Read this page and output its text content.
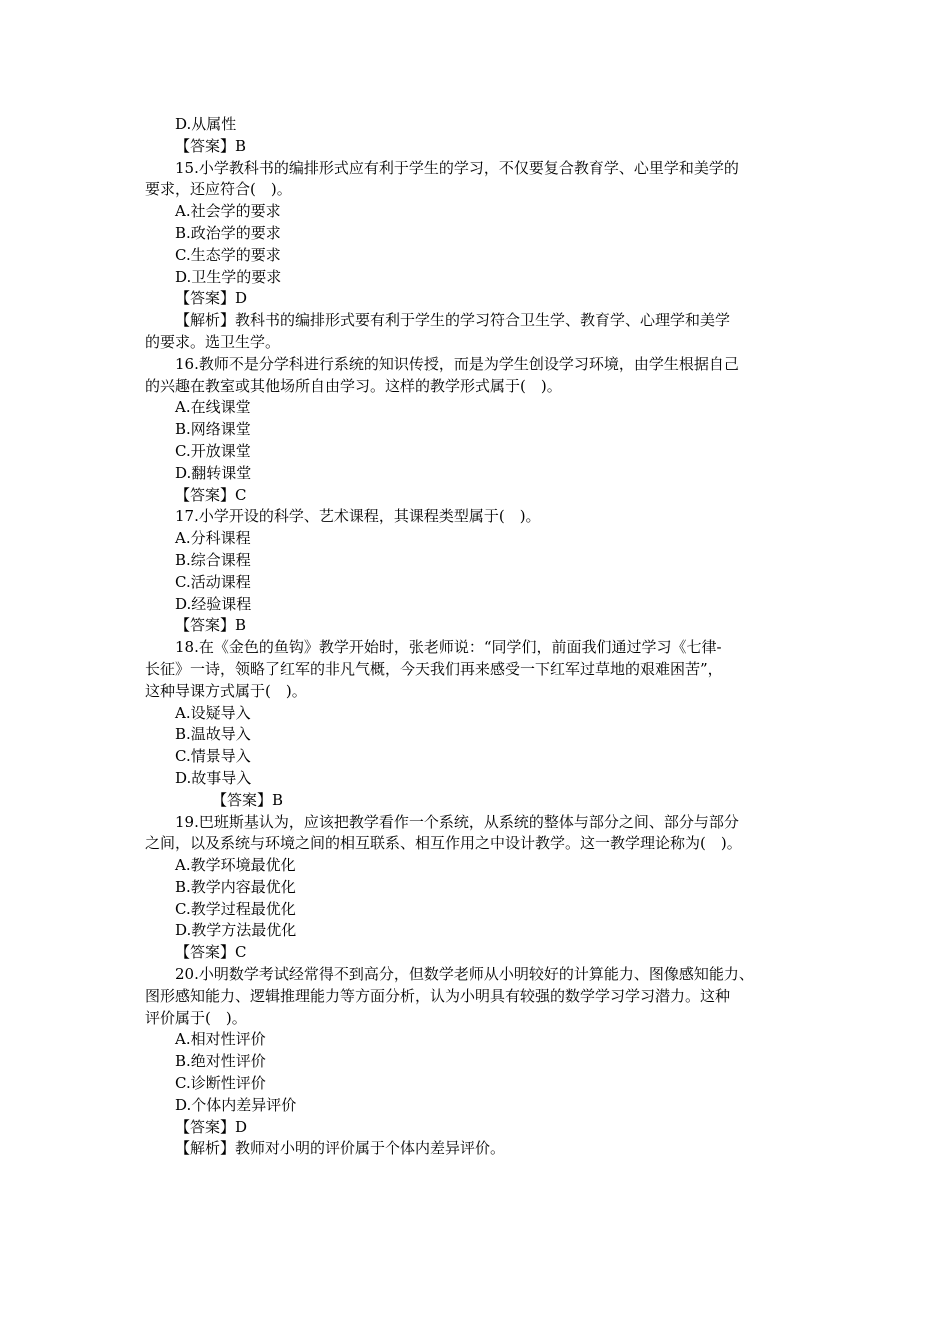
D.从属性
【答案】B
15.小学教科书的编排形式应有利于学生的学习，不仅要复合教育学、心里学和美学的
要求，还应符合(　)。
A.社会学的要求
B.政治学的要求
C.生态学的要求
D.卫生学的要求
【答案】D
【解析】教科书的编排形式要有利于学生的学习符合卫生学、教育学、心理学和美学
的要求。选卫生学。
16.教师不是分学科进行系统的知识传授，而是为学生创设学习环境，由学生根据自己
的兴趣在教室或其他场所自由学习。这样的教学形式属于(　)。
A.在线课堂
B.网络课堂
C.开放课堂
D.翻转课堂
【答案】C
17.小学开设的科学、艺术课程，其课程类型属于(　)。
A.分科课程
B.综合课程
C.活动课程
D.经验课程
【答案】B
18.在《金色的鱼钩》教学开始时，张老师说：“同学们，前面我们通过学习《七律-
长征》一诗，领略了红军的非凡气概，今天我们再来感受一下红军过草地的艰难困苦”，
这种导课方式属于(　)。
A.设疑导入
B.温故导入
C.情景导入
D.故事导入
【答案】B
19.巴班斯基认为，应该把教学看作一个系统，从系统的整体与部分之间、部分与部分
之间，以及系统与环境之间的相互联系、相互作用之中设计教学。这一教学理论称为(　)。
A.教学环境最优化
B.教学内容最优化
C.教学过程最优化
D.教学方法最优化
【答案】C
20.小明数学考试经常得不到高分，但数学老师从小明较好的计算能力、图像感知能力、
图形感知能力、逻辑推理能力等方面分析，认为小明具有较强的数学学习学习潜力。这种
评价属于(　)。
A.相对性评价
B.绝对性评价
C.诊断性评价
D.个体内差异评价
【答案】D
【解析】教师对小明的评价属于个体内差异评价。
